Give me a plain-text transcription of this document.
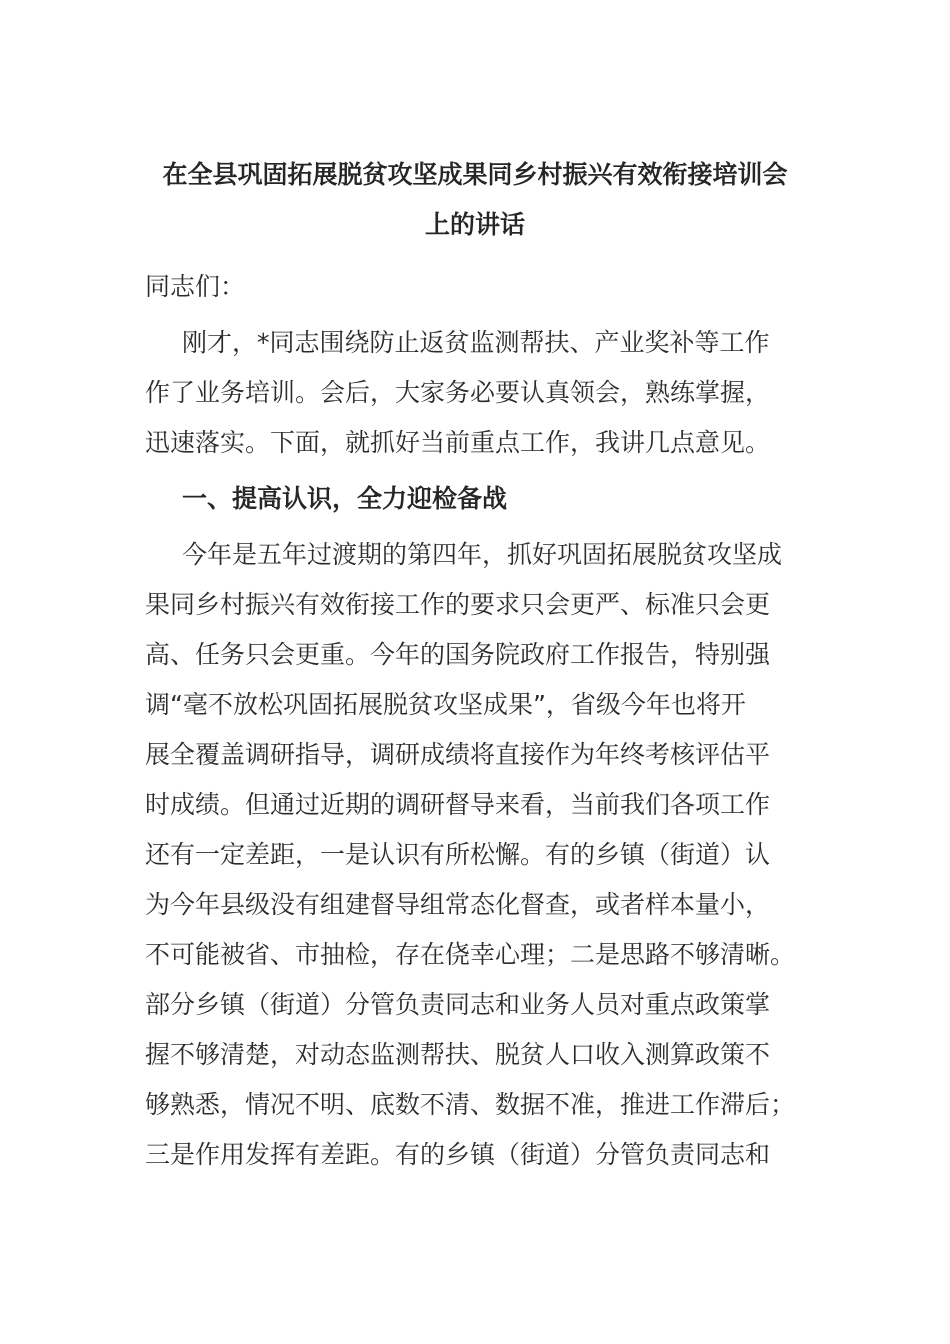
在全县巩固拓展脱贫攻坚成果同乡村振兴有效衔接培训会
上的讲话

同志们：

刚才，*同志围绕防止返贫监测帮扶、产业奖补等工作
作了业务培训。会后，大家务必要认真领会，熟练掌握，
迅速落实。下面，就抓好当前重点工作，我讲几点意见。

一、提高认识，全力迎检备战

今年是五年过渡期的第四年，抓好巩固拓展脱贫攻坚成
果同乡村振兴有效衔接工作的要求只会更严、标准只会更
高、任务只会更重。今年的国务院政府工作报告，特别强
调“毫不放松巩固拓展脱贫攻坚成果”，省级今年也将开
展全覆盖调研指导，调研成绩将直接作为年终考核评估平
时成绩。但通过近期的调研督导来看，当前我们各项工作
还有一定差距，一是认识有所松懈。有的乡镇（街道）认
为今年县级没有组建督导组常态化督查，或者样本量小，
不可能被省、市抽检，存在侥幸心理；二是思路不够清晰。
部分乡镇（街道）分管负责同志和业务人员对重点政策掌
握不够清楚，对动态监测帮扶、脱贫人口收入测算政策不
够熟悉，情况不明、底数不清、数据不准，推进工作滞后；
三是作用发挥有差距。有的乡镇（街道）分管负责同志和
